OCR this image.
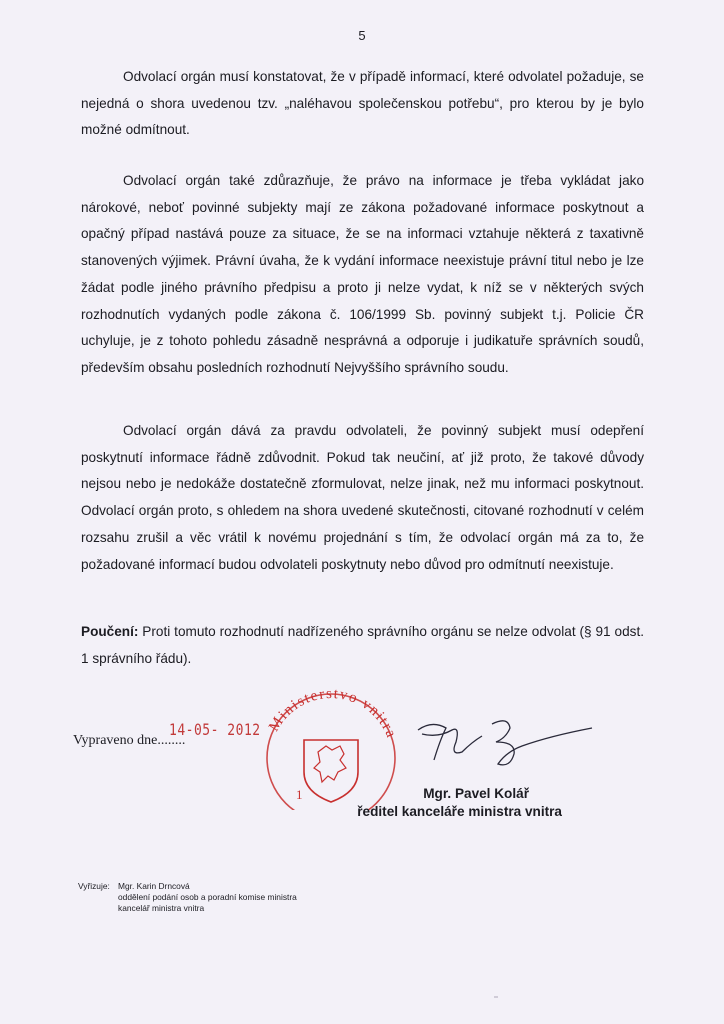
5

Odvolací orgán musí konstatovat, že v případě informací, které odvolatel požaduje, se nejedná o shora uvedenou tzv. „naléhavou společenskou potřebu“, pro kterou by je bylo možné odmítnout.

Odvolací orgán také zdůrazňuje, že právo na informace je třeba vykládat jako nárokové, neboť povinné subjekty mají ze zákona požadované informace poskytnout a opačný případ nastává pouze za situace, že se na informaci vztahuje některá z taxativně stanovených výjimek. Právní úvaha, že k vydání informace neexistuje právní titul nebo je lze žádat podle jiného právního předpisu a proto ji nelze vydat, k níž se v některých svých rozhodnutích vydaných podle zákona č. 106/1999 Sb. povinný subjekt t.j. Policie ČR uchyluje, je z tohoto pohledu zásadně nesprávná a odporuje i judikatuře správních soudů, především obsahu posledních rozhodnutí Nejvyššího správního soudu.

Odvolací orgán dává za pravdu odvolateli, že povinný subjekt musí odepření poskytnutí informace řádně zdůvodnit. Pokud tak neučiní, ať již proto, že takové důvody nejsou nebo je nedokáže dostatečně zformulovat, nelze jinak, než mu informaci poskytnout. Odvolací orgán proto, s ohledem na shora uvedené skutečnosti, citované rozhodnutí v celém rozsahu zrušil a věc vrátil k novému projednání s tím, že odvolací orgán má za to, že požadované informací budou odvolateli poskytnuty nebo důvod pro odmítnutí neexistuje.

Poučení: Proti tomuto rozhodnutí nadřízeného správního orgánu se nelze odvolat (§ 91 odst. 1 správního řádu).

14-05- 2012
Vypraveno dne........
Ministerstvo vnitra
1	Mgr. Pavel Kolář
ředitel kanceláře ministra vnitra
Vyřizuje: Mgr. Karin Drncová
oddělení podání osob a poradní komise ministra
kancelář ministra vnitra
